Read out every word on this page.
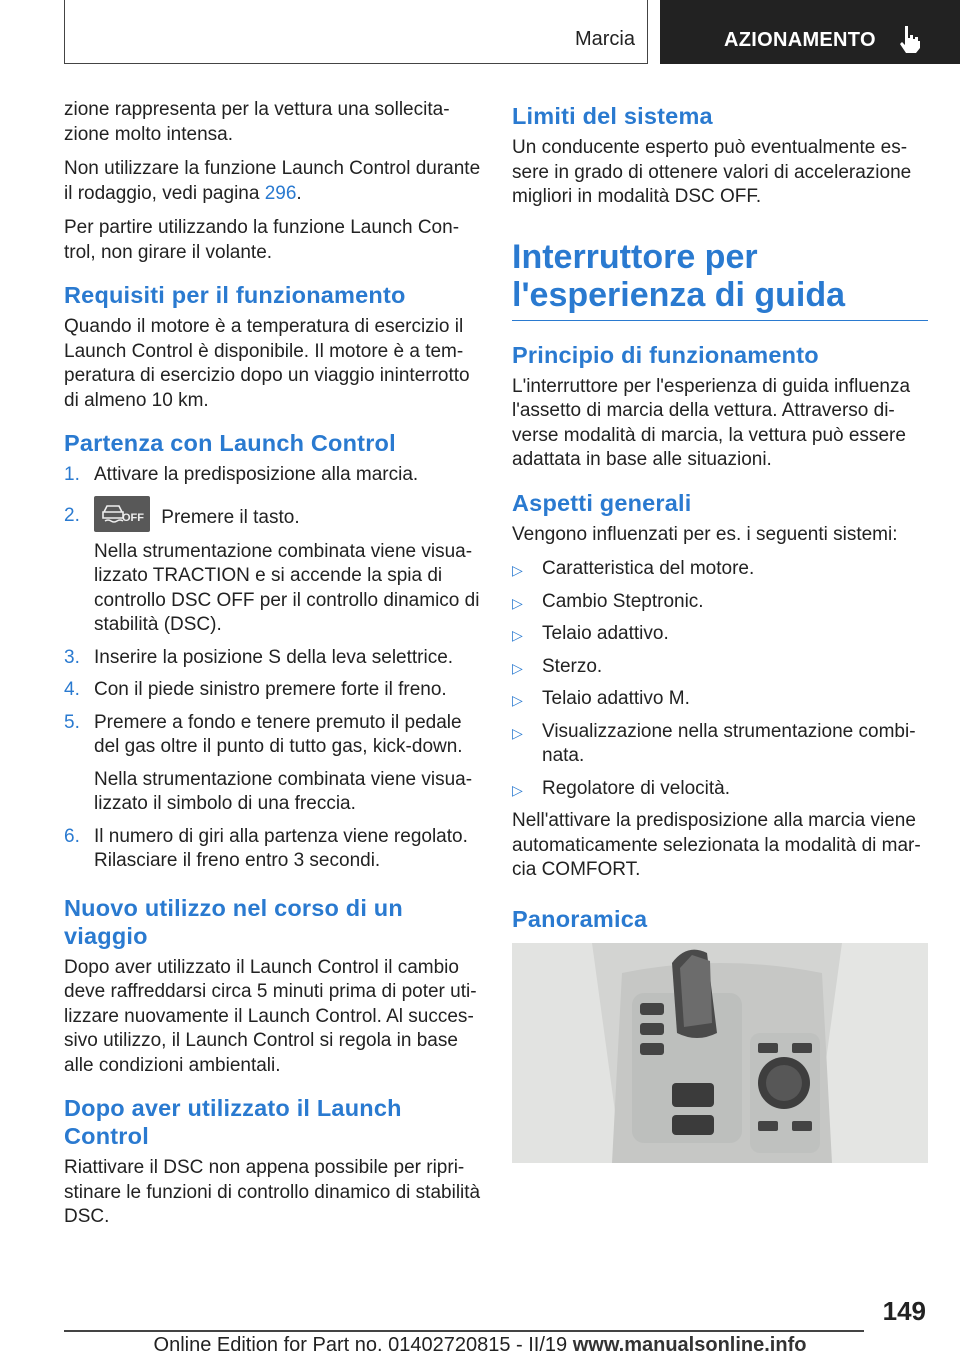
Marcia	AZIONAMENTO

zione rappresenta per la vettura una sollecitazione molto intensa.

Non utilizzare la funzione Launch Control durante il rodaggio, vedi pagina 296.

Per partire utilizzando la funzione Launch Control, non girare il volante.

Requisiti per il funzionamento

Quando il motore è a temperatura di esercizio il Launch Control è disponibile. Il motore è a temperatura di esercizio dopo un viaggio ininterrotto di almeno 10 km.

Partenza con Launch Control
1. Attivare la predisposizione alla marcia.
2.	OFF Premere il tasto.
Nella strumentazione combinata viene visualizzato TRACTION e si accende la spia di controllo DSC OFF per il controllo dinamico di stabilità (DSC).
3. Inserire la posizione S della leva selettrice.
4. Con il piede sinistro premere forte il freno.
5. Premere a fondo e tenere premuto il pedale del gas oltre il punto di tutto gas, kick-down.
Nella strumentazione combinata viene visualizzato il simbolo di una freccia.
6. Il numero di giri alla partenza viene regolato. Rilasciare il freno entro 3 secondi.
Nuovo utilizzo nel corso di un viaggio

Dopo aver utilizzato il Launch Control il cambio deve raffreddarsi circa 5 minuti prima di poter utilizzare nuovamente il Launch Control. Al successivo utilizzo, il Launch Control si regola in base alle condizioni ambientali.

Dopo aver utilizzato il Launch Control

Riattivare il DSC non appena possibile per ripristinare le funzioni di controllo dinamico di stabilità DSC.

Limiti del sistema

Un conducente esperto può eventualmente essere in grado di ottenere valori di accelerazione migliori in modalità DSC OFF.

Interruttore per l'esperienza di guida
Principio di funzionamento

L'interruttore per l'esperienza di guida influenza l'assetto di marcia della vettura. Attraverso diverse modalità di marcia, la vettura può essere adattata in base alle situazioni.

Aspetti generali

Vengono influenzati per es. i seguenti sistemi:

▷ Caratteristica del motore.
▷ Cambio Steptronic.
▷ Telaio adattivo.
▷ Sterzo.
▷ Telaio adattivo M.
▷ Visualizzazione nella strumentazione combinata.
▷ Regolatore di velocità.

Nell'attivare la predisposizione alla marcia viene automaticamente selezionata la modalità di marcia COMFORT.

Panoramica
149
Online Edition for Part no. 01402720815 - II/19 www.manualsonline.info
